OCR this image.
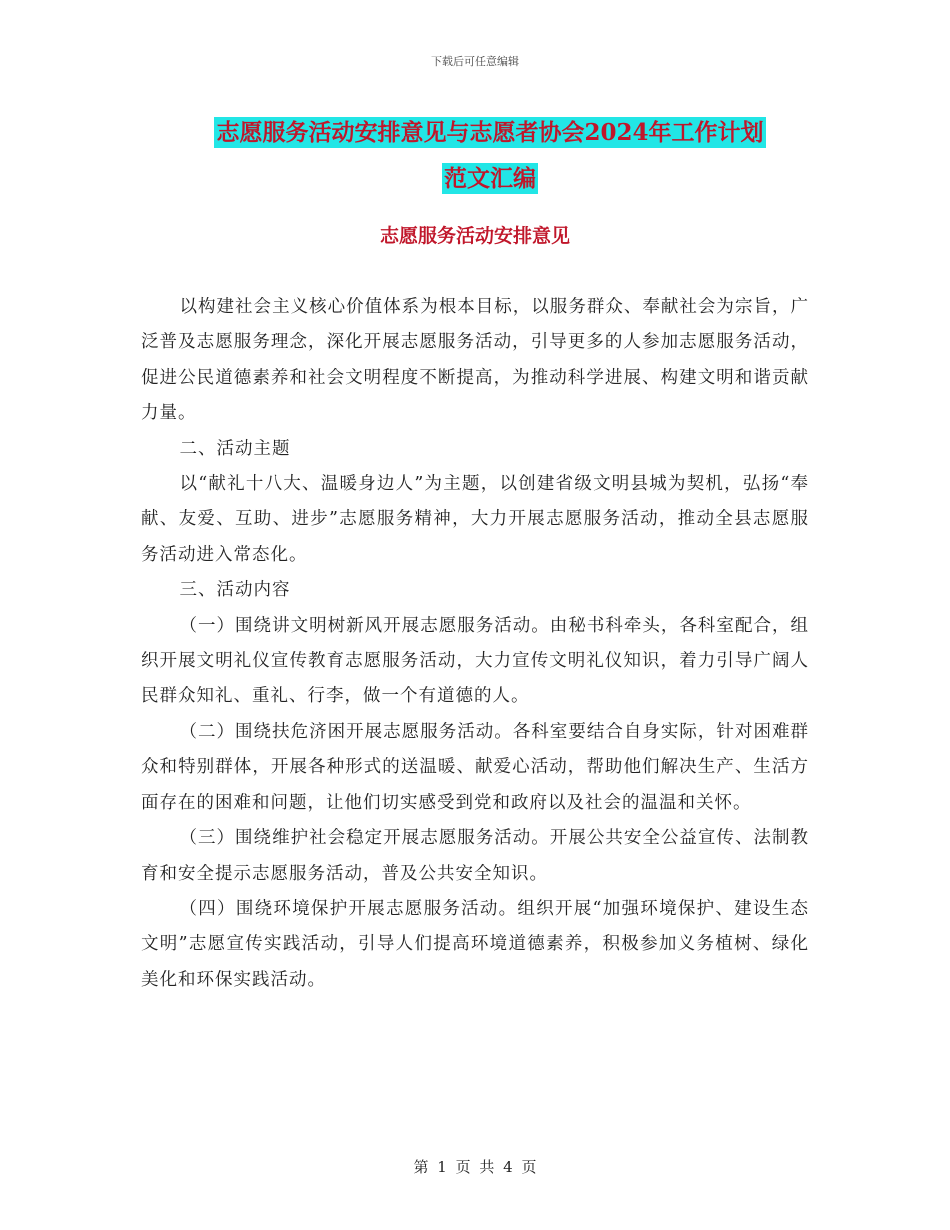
下载后可任意编辑
志愿服务活动安排意见与志愿者协会2024年工作计划
范文汇编
志愿服务活动安排意见

以构建社会主义核心价值体系为根本目标，以服务群众、奉献社会为宗旨，广泛普及志愿服务理念，深化开展志愿服务活动，引导更多的人参加志愿服务活动，促进公民道德素养和社会文明程度不断提高，为推动科学进展、构建文明和谐贡献力量。

二、活动主题

以“献礼十八大、温暖身边人”为主题，以创建省级文明县城为契机，弘扬“奉献、友爱、互助、进步”志愿服务精神，大力开展志愿服务活动，推动全县志愿服务活动进入常态化。

三、活动内容

（一）围绕讲文明树新风开展志愿服务活动。由秘书科牵头，各科室配合，组织开展文明礼仪宣传教育志愿服务活动，大力宣传文明礼仪知识，着力引导广阔人民群众知礼、重礼、行李，做一个有道德的人。

（二）围绕扶危济困开展志愿服务活动。各科室要结合自身实际，针对困难群众和特别群体，开展各种形式的送温暖、献爱心活动，帮助他们解决生产、生活方面存在的困难和问题，让他们切实感受到党和政府以及社会的温温和关怀。

（三）围绕维护社会稳定开展志愿服务活动。开展公共安全公益宣传、法制教育和安全提示志愿服务活动，普及公共安全知识。

（四）围绕环境保护开展志愿服务活动。组织开展“加强环境保护、建设生态文明”志愿宣传实践活动，引导人们提高环境道德素养，积极参加义务植树、绿化美化和环保实践活动。

第 1 页 共 4 页
